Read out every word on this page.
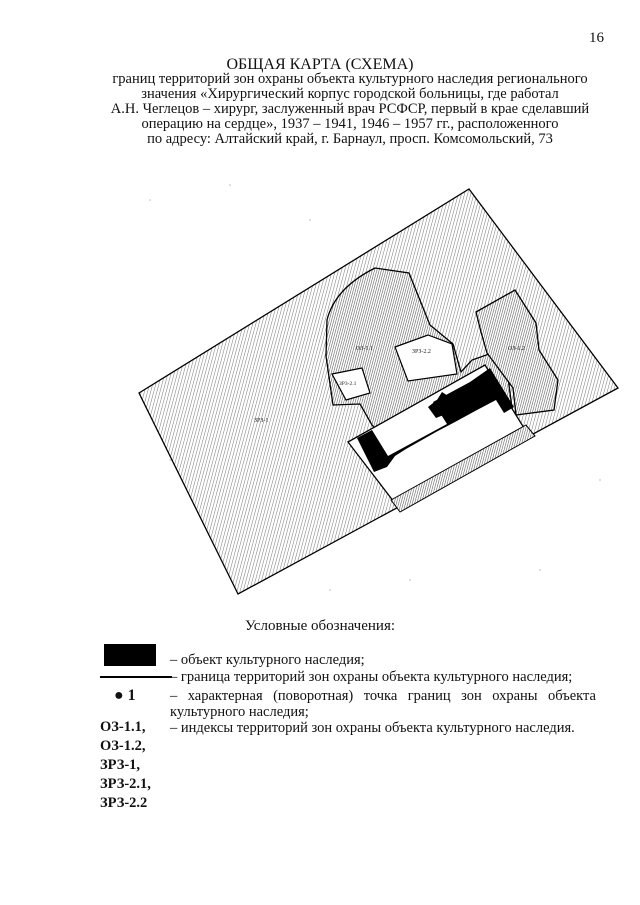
16
ОБЩАЯ КАРТА (СХЕМА)
границ территорий зон охраны объекта культурного наследия регионального
значения «Хирургический корпус городской больницы, где работал
А.Н. Чеглецов – хирург, заслуженный врач РСФСР, первый в крае сделавший
операцию на сердце», 1937 – 1941, 1946 – 1957 гг., расположенного
по адресу: Алтайский край, г. Барнаул, просп. Комсомольский, 73
ЗРЗ-1
ОЗ-1.1	ЗРЗ-2.2	ОЗ-1.2
ЗРЗ-2.1
Условные обозначения:
– объект культурного наследия;
– граница территорий зон охраны объекта культурного наследия;
● 1 – характерная (поворотная) точка границ зон охраны объекта
культурного наследия;
– индексы территорий зон охраны объекта культурного наследия.
ОЗ-1.1,
ОЗ-1.2,
ЗРЗ-1,
ЗРЗ-2.1,
ЗРЗ-2.2
